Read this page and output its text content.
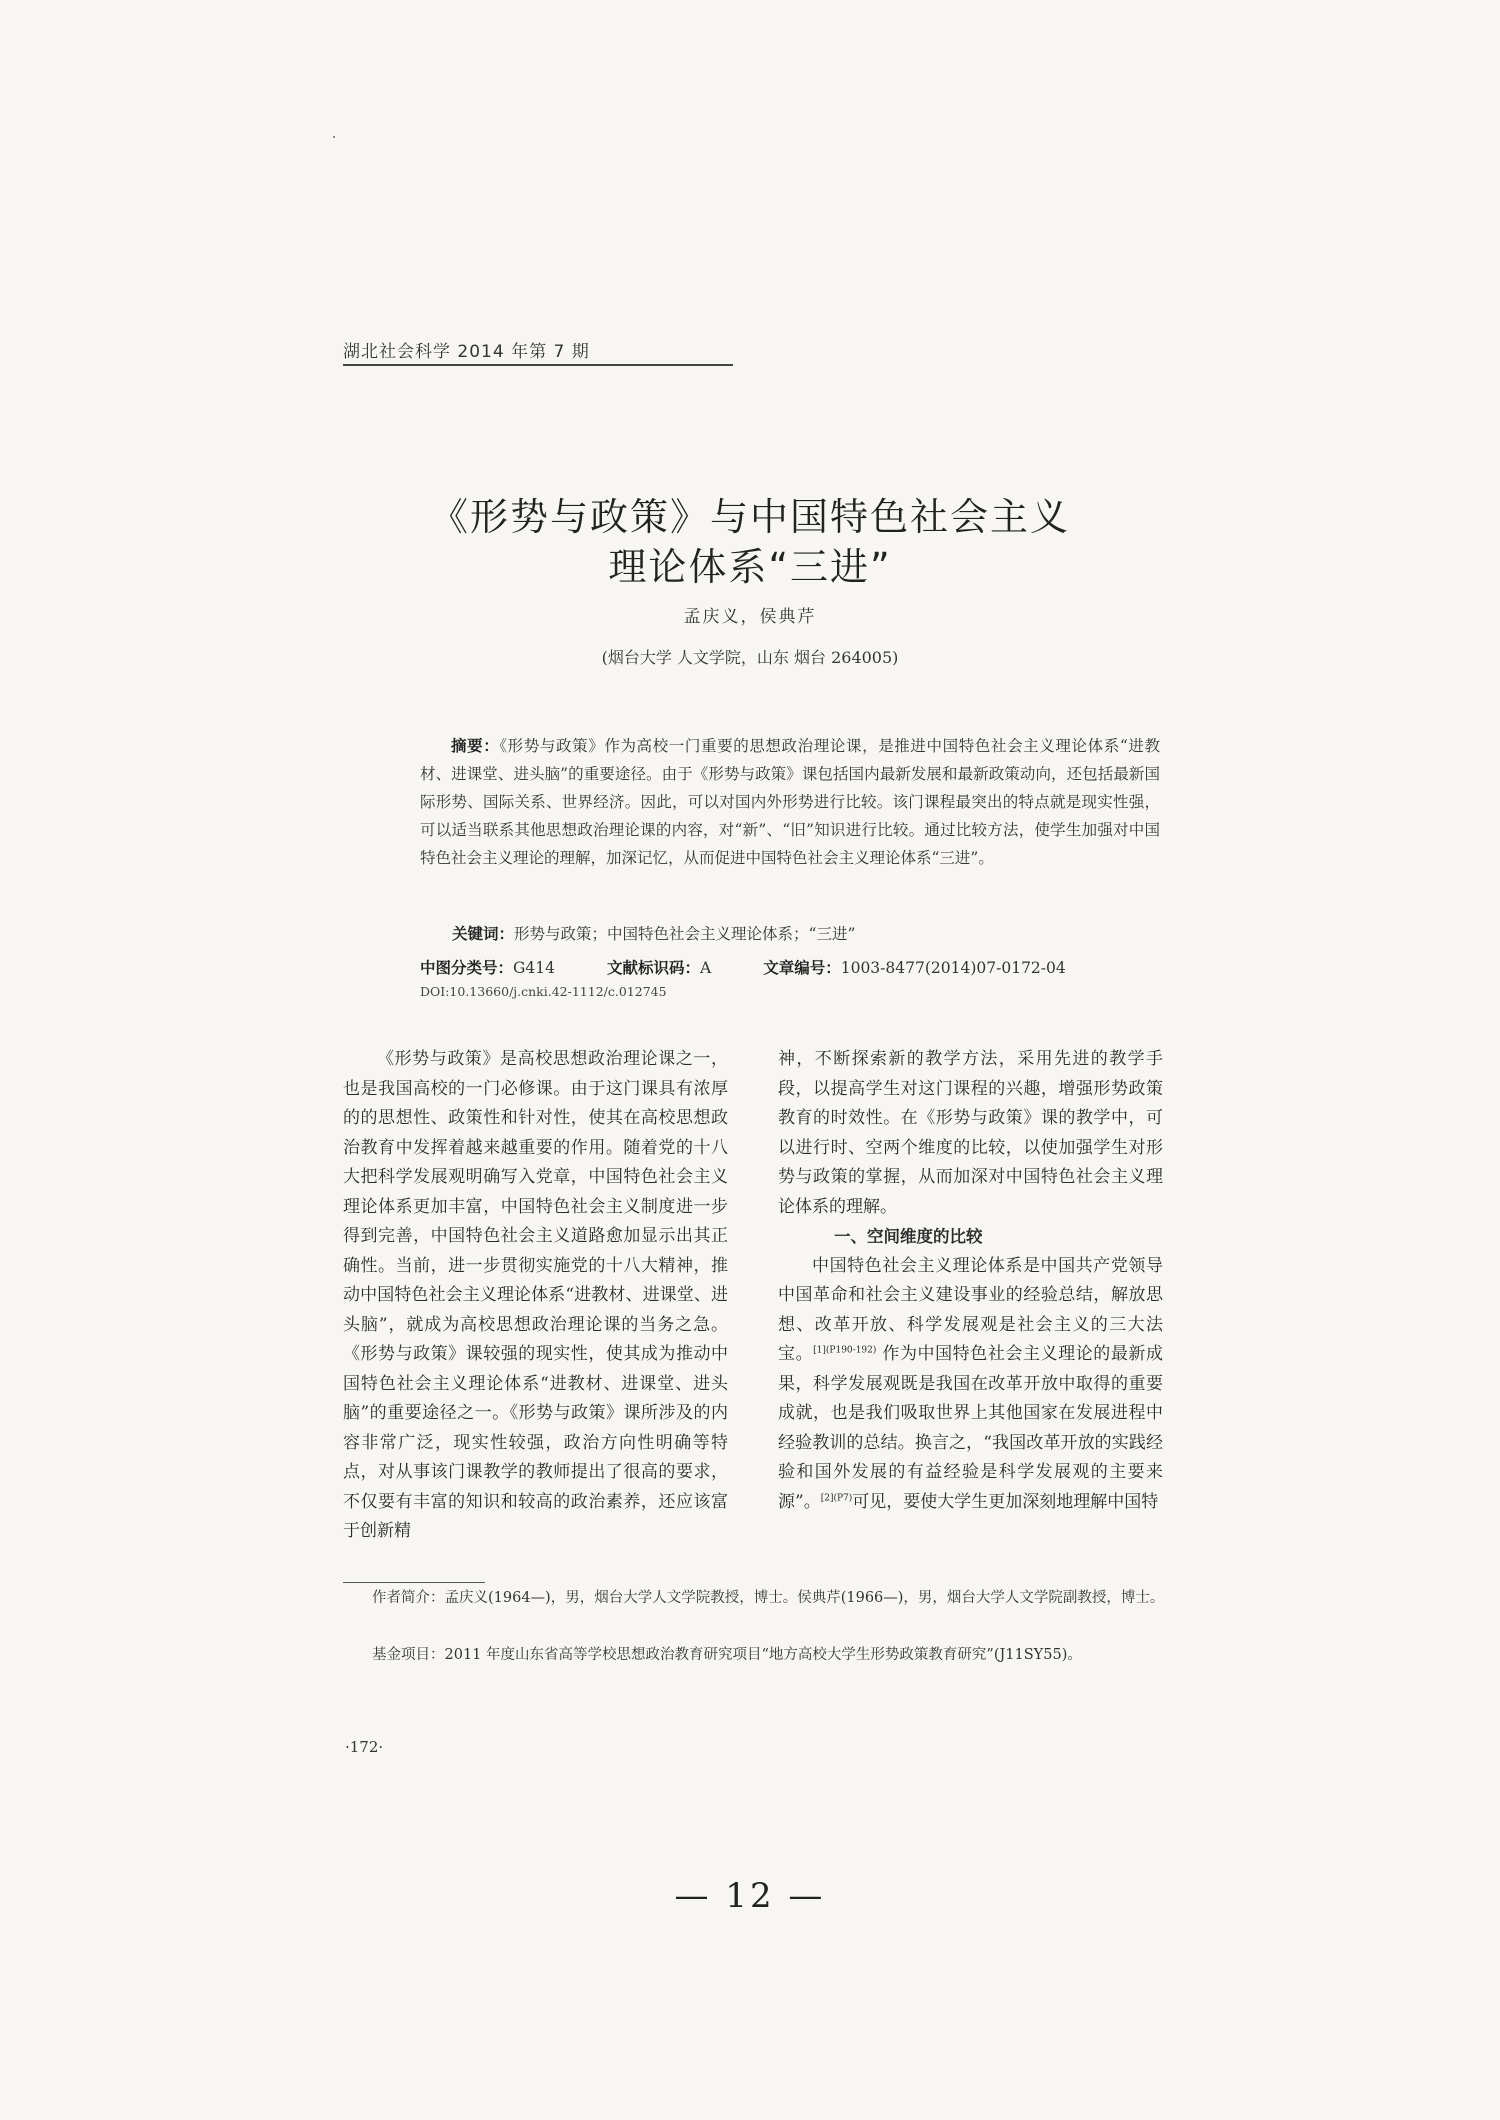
湖北社会科学 2014 年第 7 期
《形势与政策》与中国特色社会主义
理论体系“三进”
孟庆义，侯典芹
(烟台大学 人文学院，山东 烟台 264005)
摘要：《形势与政策》作为高校一门重要的思想政治理论课，是推进中国特色社会主义理论体系“进教材、进课堂、进头脑”的重要途径。由于《形势与政策》课包括国内最新发展和最新政策动向，还包括最新国际形势、国际关系、世界经济。因此，可以对国内外形势进行比较。该门课程最突出的特点就是现实性强，可以适当联系其他思想政治理论课的内容，对“新”、“旧”知识进行比较。通过比较方法，使学生加强对中国特色社会主义理论的理解，加深记忆，从而促进中国特色社会主义理论体系“三进”。
关键词：形势与政策；中国特色社会主义理论体系；“三进”
中图分类号：G414	文献标识码：A	文章编号：1003-8477(2014)07-0172-04
DOI:10.13660/j.cnki.42-1112/c.012745

《形势与政策》是高校思想政治理论课之一，也是我国高校的一门必修课。由于这门课具有浓厚的的思想性、政策性和针对性，使其在高校思想政治教育中发挥着越来越重要的作用。随着党的十八大把科学发展观明确写入党章，中国特色社会主义理论体系更加丰富，中国特色社会主义制度进一步得到完善，中国特色社会主义道路愈加显示出其正确性。当前，进一步贯彻实施党的十八大精神，推动中国特色社会主义理论体系“进教材、进课堂、进头脑”，就成为高校思想政治理论课的当务之急。《形势与政策》课较强的现实性，使其成为推动中国特色社会主义理论体系“进教材、进课堂、进头脑”的重要途径之一。《形势与政策》课所涉及的内容非常广泛，现实性较强，政治方向性明确等特点，对从事该门课教学的教师提出了很高的要求，不仅要有丰富的知识和较高的政治素养，还应该富于创新精

神，不断探索新的教学方法，采用先进的教学手段，以提高学生对这门课程的兴趣，增强形势政策教育的时效性。在《形势与政策》课的教学中，可以进行时、空两个维度的比较，以使加强学生对形势与政策的掌握，从而加深对中国特色社会主义理论体系的理解。

一、空间维度的比较

中国特色社会主义理论体系是中国共产党领导中国革命和社会主义建设事业的经验总结，解放思想、改革开放、科学发展观是社会主义的三大法宝。$^{[1](P190-192)}$ 作为中国特色社会主义理论的最新成果，科学发展观既是我国在改革开放中取得的重要成就，也是我们吸取世界上其他国家在发展进程中经验教训的总结。换言之，“我国改革开放的实践经验和国外发展的有益经验是科学发展观的主要来源”。$^{[2](P7)}$可见，要使大学生更加深刻地理解中国特

作者简介：孟庆义(1964—)，男，烟台大学人文学院教授，博士。侯典芹(1966—)，男，烟台大学人文学院副教授，博士。
基金项目：2011 年度山东省高等学校思想政治教育研究项目“地方高校大学生形势政策教育研究”(J11SY55)。
·172·
— 12 —
